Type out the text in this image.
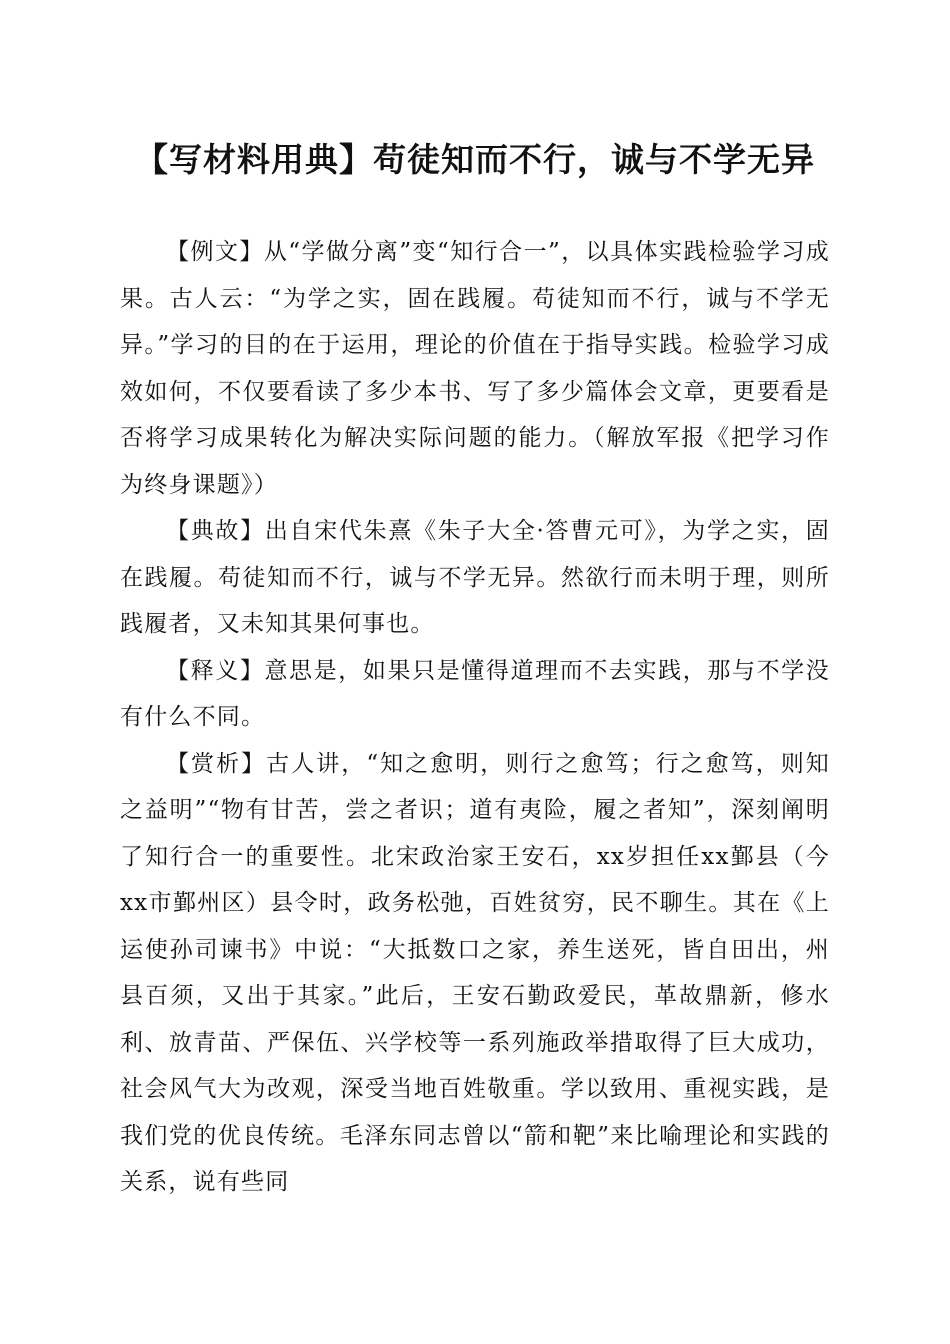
【写材料用典】苟徒知而不行，诚与不学无异

【例文】从“学做分离”变“知行合一”，以具体实践检验学习成果。古人云：“为学之实，固在践履。苟徒知而不行，诚与不学无异。”学习的目的在于运用，理论的价值在于指导实践。检验学习成效如何，不仅要看读了多少本书、写了多少篇体会文章，更要看是否将学习成果转化为解决实际问题的能力。（解放军报《把学习作为终身课题》）

【典故】出自宋代朱熹《朱子大全·答曹元可》，为学之实，固在践履。苟徒知而不行，诚与不学无异。然欲行而未明于理，则所践履者，又未知其果何事也。

【释义】意思是，如果只是懂得道理而不去实践，那与不学没有什么不同。

【赏析】古人讲，“知之愈明，则行之愈笃；行之愈笃，则知之益明”“物有甘苦，尝之者识；道有夷险，履之者知”，深刻阐明了知行合一的重要性。北宋政治家王安石，xx岁担任xx鄞县（今xx市鄞州区）县令时，政务松弛，百姓贫穷，民不聊生。其在《上运使孙司谏书》中说：“大抵数口之家，养生送死，皆自田出，州县百须，又出于其家。”此后，王安石勤政爱民，革故鼎新，修水利、放青苗、严保伍、兴学校等一系列施政举措取得了巨大成功，社会风气大为改观，深受当地百姓敬重。学以致用、重视实践，是我们党的优良传统。毛泽东同志曾以“箭和靶”来比喻理论和实践的关系，说有些同
